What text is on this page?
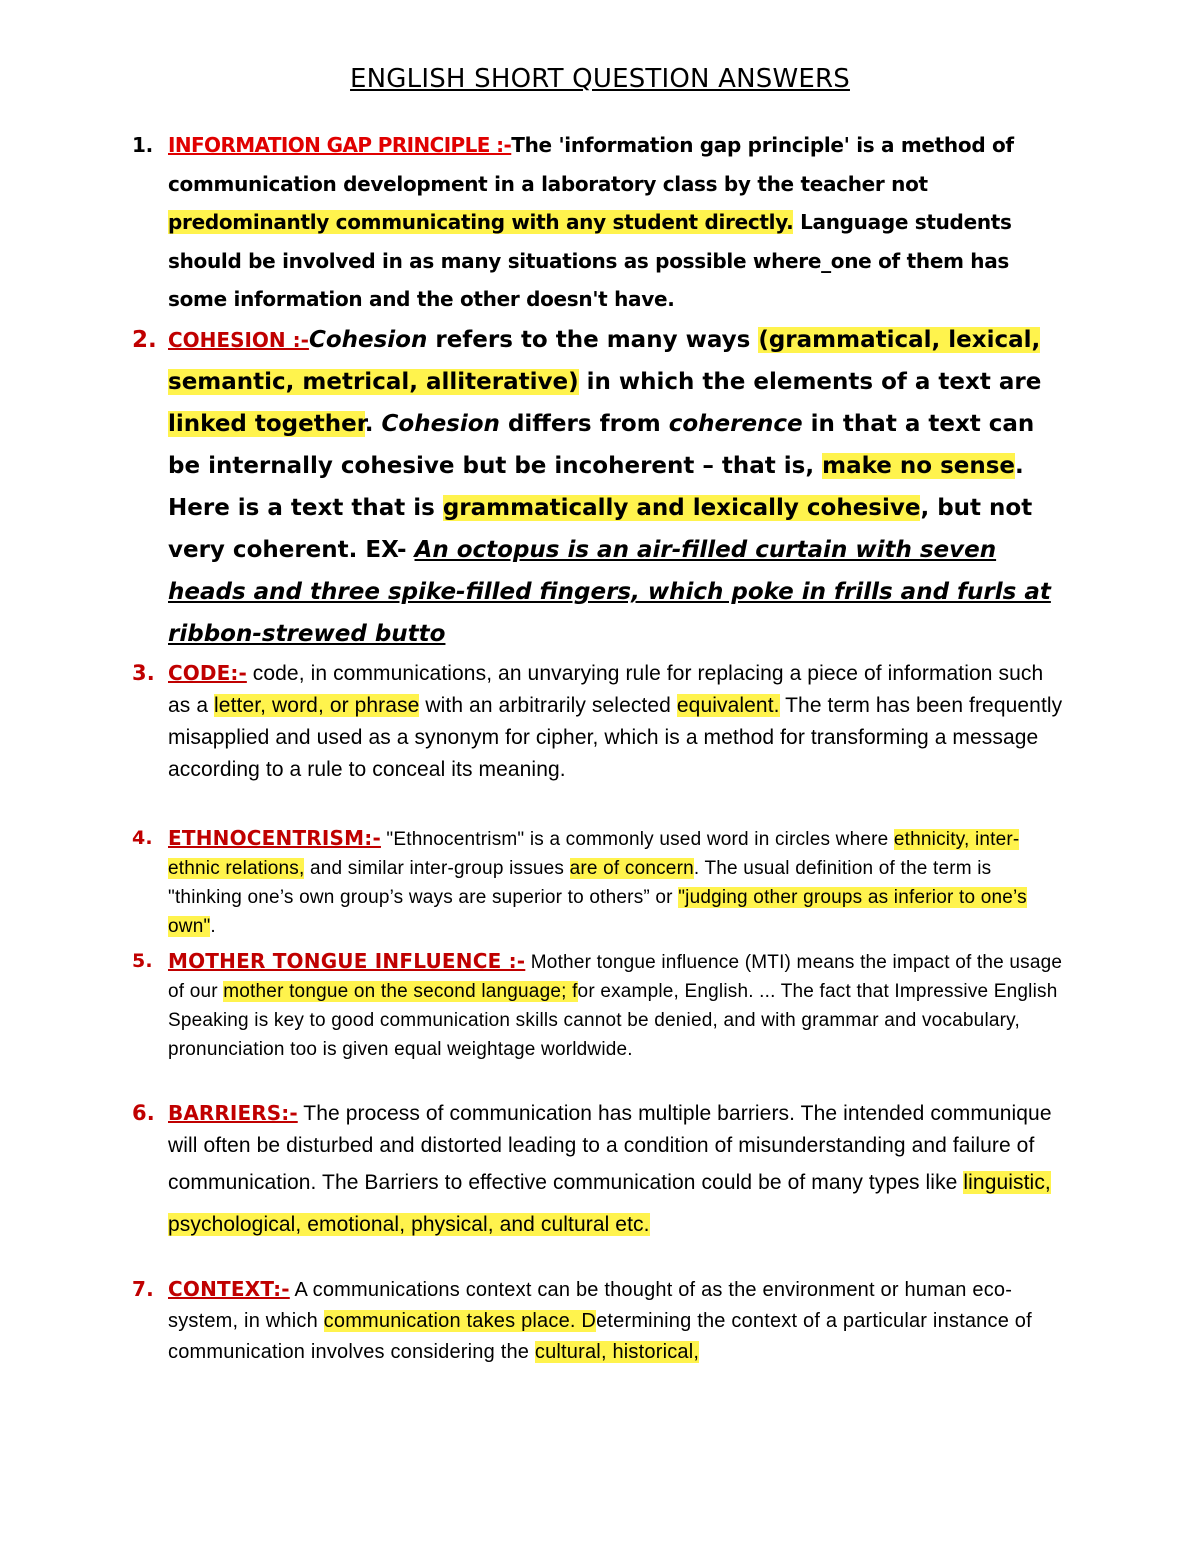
ENGLISH SHORT QUESTION ANSWERS
1. INFORMATION GAP PRINCIPLE :-The 'information gap principle' is a method of communication development in a laboratory class by the teacher not predominantly communicating with any student directly. Language students should be involved in as many situations as possible where_one of them has some information and the other doesn't have.
2. COHESION :-Cohesion refers to the many ways (grammatical, lexical, semantic, metrical, alliterative) in which the elements of a text are linked together. Cohesion differs from coherence in that a text can be internally cohesive but be incoherent – that is, make no sense. Here is a text that is grammatically and lexically cohesive, but not very coherent. EX- An octopus is an air-filled curtain with seven heads and three spike-filled fingers, which poke in frills and furls at ribbon-strewed butto
3. CODE:- code, in communications, an unvarying rule for replacing a piece of information such as a letter, word, or phrase with an arbitrarily selected equivalent. The term has been frequently misapplied and used as a synonym for cipher, which is a method for transforming a message according to a rule to conceal its meaning.
4. ETHNOCENTRISM:- "Ethnocentrism" is a commonly used word in circles where ethnicity, inter-ethnic relations, and similar inter-group issues are of concern. The usual definition of the term is "thinking one’s own group’s ways are superior to others” or "judging other groups as inferior to one’s own".
5. MOTHER TONGUE INFLUENCE :- Mother tongue influence (MTI) means the impact of the usage of our mother tongue on the second language; for example, English. ... The fact that Impressive English Speaking is key to good communication skills cannot be denied, and with grammar and vocabulary, pronunciation too is given equal weightage worldwide.
6. BARRIERS:- The process of communication has multiple barriers. The intended communique will often be disturbed and distorted leading to a condition of misunderstanding and failure of communication. The Barriers to effective communication could be of many types like linguistic, psychological, emotional, physical, and cultural etc.
7. CONTEXT:- A communications context can be thought of as the environment or human eco-system, in which communication takes place. Determining the context of a particular instance of communication involves considering the cultural, historical,
